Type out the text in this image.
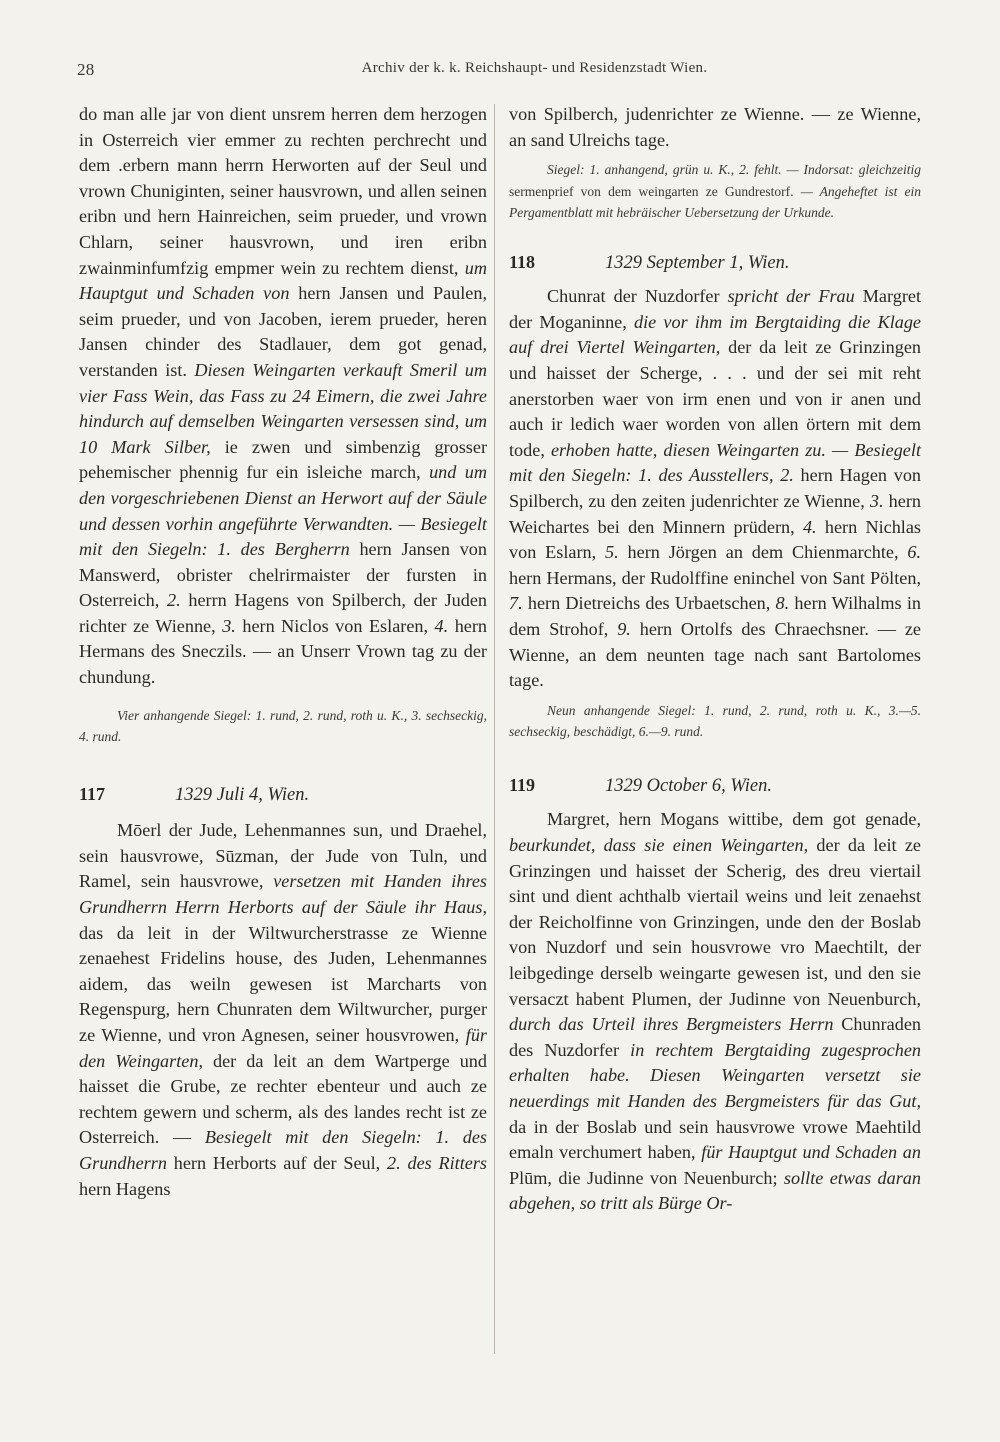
28	Archiv der k. k. Reichshaupt- und Residenzstadt Wien.

do man alle jar von dient unsrem herren dem herzogen in Osterreich vier emmer zu rechten perchrecht und dem .erbern mann herrn Herworten auf der Seul und vrown Chuniginten, seiner hausvrown, und allen seinen eribn und hern Hainreichen, seim prueder, und vrown Chlarn, seiner hausvrown, und iren eribn zwainminfumfzig empmer wein zu rechtem dienst, um Hauptgut und Schaden von hern Jansen und Paulen, seim prueder, und von Jacoben, ierem prueder, heren Jansen chinder des Stadlauer, dem got genad, verstanden ist. Diesen Weingarten verkauft Smeril um vier Fass Wein, das Fass zu 24 Eimern, die zwei Jahre hindurch auf demselben Weingarten versessen sind, um 10 Mark Silber, ie zwen und simbenzig grosser pehemischer phennig fur ein isleiche march, und um den vorgeschriebenen Dienst an Herwort auf der Säule und dessen vorhin angeführte Verwandten. — Besiegelt mit den Siegeln: 1. des Bergherrn hern Jansen von Manswerd, obrister chelrirmaister der fursten in Osterreich, 2. herrn Hagens von Spilberch, der Juden richter ze Wienne, 3. hern Niclos von Eslaren, 4. hern Hermans des Sneczils. — an Unserr Vrown tag zu der chundung.

Vier anhangende Siegel: 1. rund, 2. rund, roth u. K., 3. sechseckig, 4. rund.

117	1329 Juli 4, Wien.

Mōerl der Jude, Lehenmannes sun, und Draehel, sein hausvrowe, Sūzman, der Jude von Tuln, und Ramel, sein hausvrowe, versetzen mit Handen ihres Grundherrn Herrn Herborts auf der Säule ihr Haus, das da leit in der Wiltwurcherstrasse ze Wienne zenaehest Fridelins house, des Juden, Lehenmannes aidem, das weiln gewesen ist Marcharts von Regenspurg, hern Chunraten dem Wiltwurcher, purger ze Wienne, und vron Agnesen, seiner housvrowen, für den Weingarten, der da leit an dem Wartperge und haisset die Grube, ze rechter ebenteur und auch ze rechtem gewern und scherm, als des landes recht ist ze Osterreich. — Besiegelt mit den Siegeln: 1. des Grundherrn hern Herborts auf der Seul, 2. des Ritters hern Hagens

von Spilberch, judenrichter ze Wienne. — ze Wienne, an sand Ulreichs tage.

Siegel: 1. anhangend, grün u. K., 2. fehlt. — Indorsat: gleichzeitig sermenprief von dem weingarten ze Gundrestorf. — Angeheftet ist ein Pergamentblatt mit hebräischer Uebersetzung der Urkunde.

118	1329 September 1, Wien.

Chunrat der Nuzdorfer spricht der Frau Margret der Moganinne, die vor ihm im Bergtaiding die Klage auf drei Viertel Weingarten, der da leit ze Grinzingen und haisset der Scherge, . . . und der sei mit reht anerstorben waer von irm enen und von ir anen und auch ir ledich waer worden von allen örtern mit dem tode, erhoben hatte, diesen Weingarten zu. — Besiegelt mit den Siegeln: 1. des Ausstellers, 2. hern Hagen von Spilberch, zu den zeiten judenrichter ze Wienne, 3. hern Weichartes bei den Minnern prüdern, 4. hern Nichlas von Eslarn, 5. hern Jörgen an dem Chienmarchte, 6. hern Hermans, der Rudolffine eninchel von Sant Pölten, 7. hern Dietreichs des Urbaetschen, 8. hern Wilhalms in dem Strohof, 9. hern Ortolfs des Chraechsner. — ze Wienne, an dem neunten tage nach sant Bartolomes tage.

Neun anhangende Siegel: 1. rund, 2. rund, roth u. K., 3.—5. sechseckig, beschädigt, 6.—9. rund.

119	1329 October 6, Wien.

Margret, hern Mogans wittibe, dem got genade, beurkundet, dass sie einen Weingarten, der da leit ze Grinzingen und haisset der Scherig, des dreu viertail sint und dient achthalb viertail weins und leit zenaehst der Reicholfinne von Grinzingen, unde den der Boslab von Nuzdorf und sein housvrowe vro Maechtilt, der leibgedinge derselb weingarte gewesen ist, und den sie versaczt habent Plumen, der Judinne von Neuenburch, durch das Urteil ihres Bergmeisters Herrn Chunraden des Nuzdorfer in rechtem Bergtaiding zugesprochen erhalten habe. Diesen Weingarten versetzt sie neuerdings mit Handen des Bergmeisters für das Gut, da in der Boslab und sein hausvrowe vrowe Maehtild emaln verchumert haben, für Hauptgut und Schaden an Plūm, die Judinne von Neuenburch; sollte etwas daran abgehen, so tritt als Bürge Or-
